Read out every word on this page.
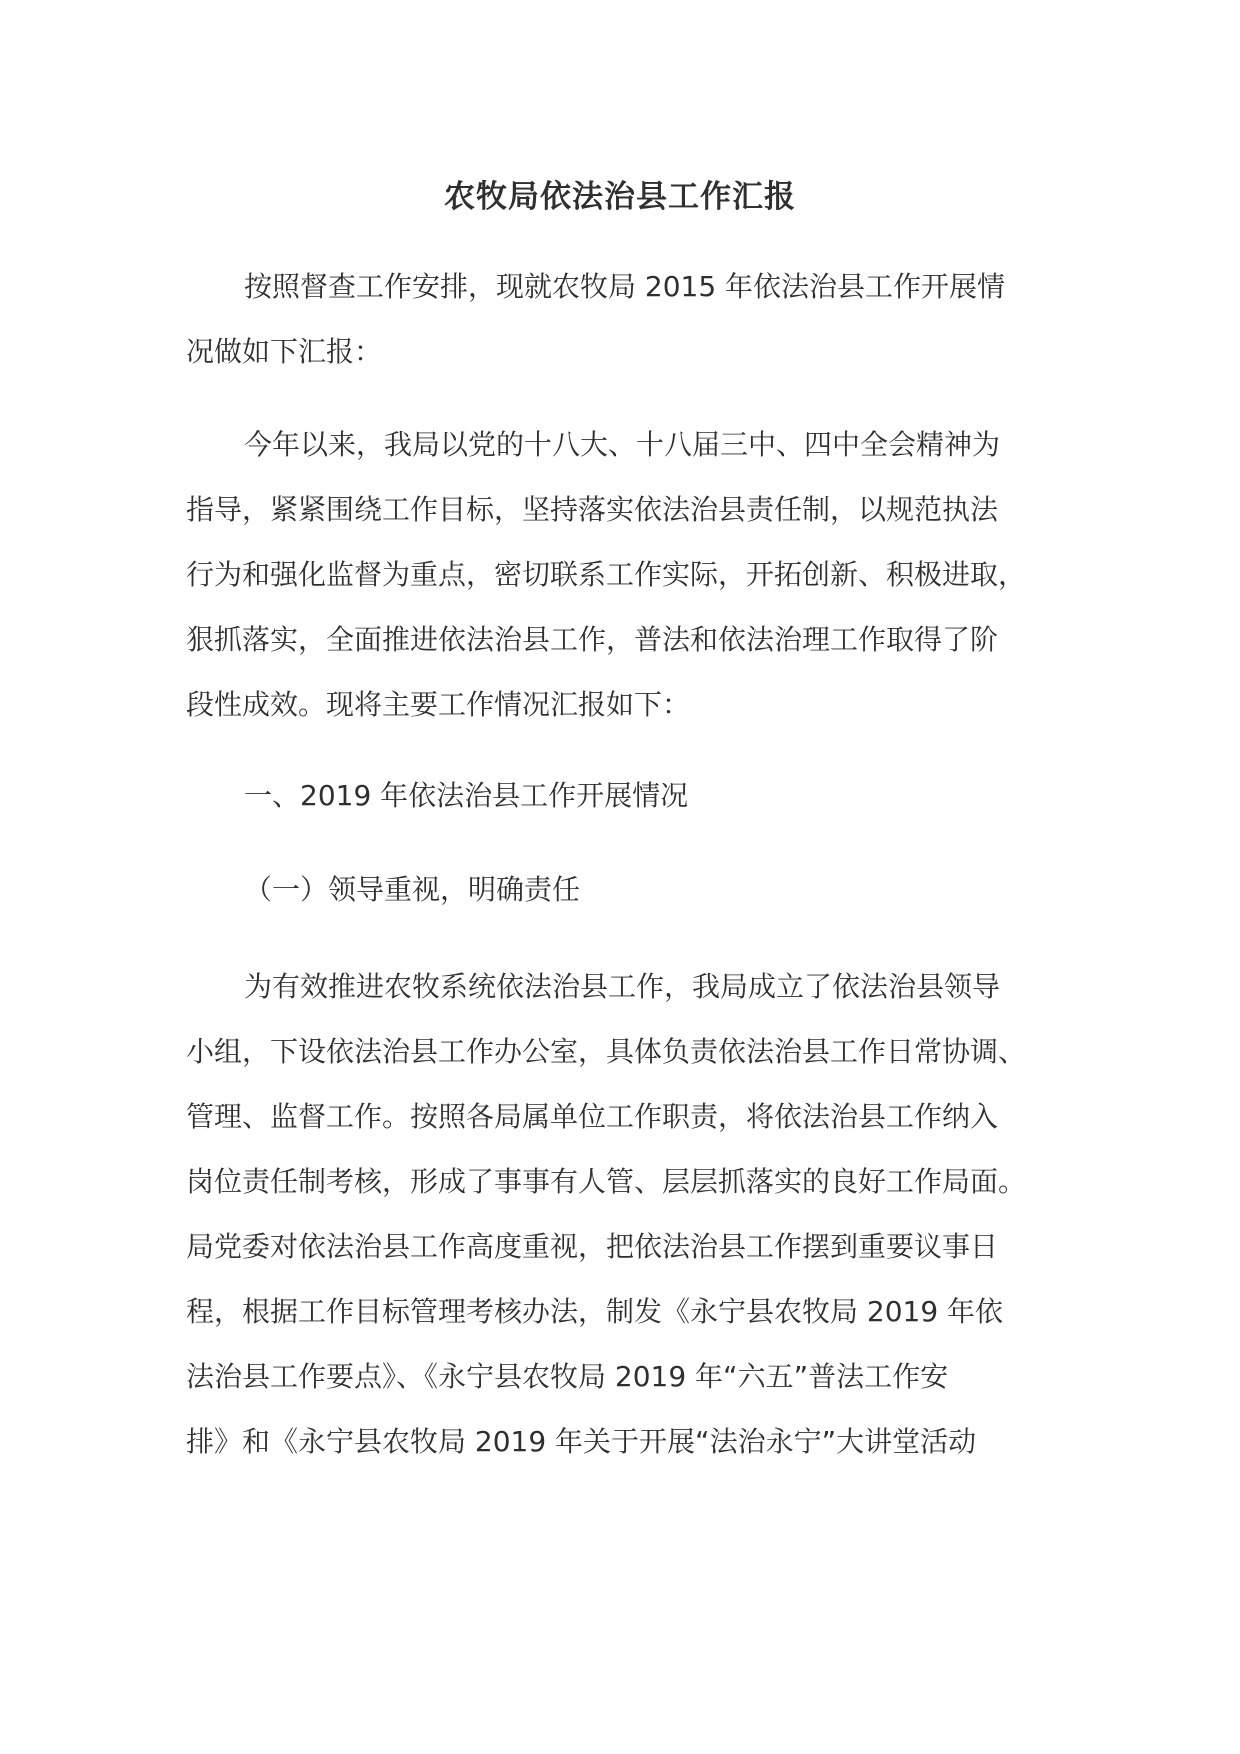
农牧局依法治县工作汇报
按照督查工作安排，现就农牧局 2015 年依法治县工作开展情
况做如下汇报：
今年以来，我局以党的十八大、十八届三中、四中全会精神为
指导，紧紧围绕工作目标，坚持落实依法治县责任制，以规范执法
行为和强化监督为重点，密切联系工作实际，开拓创新、积极进取，
狠抓落实，全面推进依法治县工作，普法和依法治理工作取得了阶
段性成效。现将主要工作情况汇报如下：
一、2019 年依法治县工作开展情况
（一）领导重视，明确责任
为有效推进农牧系统依法治县工作，我局成立了依法治县领导
小组，下设依法治县工作办公室，具体负责依法治县工作日常协调、
管理、监督工作。按照各局属单位工作职责，将依法治县工作纳入
岗位责任制考核，形成了事事有人管、层层抓落实的良好工作局面。
局党委对依法治县工作高度重视，把依法治县工作摆到重要议事日
程，根据工作目标管理考核办法，制发《永宁县农牧局 2019 年依
法治县工作要点》、《永宁县农牧局 2019 年“六五”普法工作安
排》和《永宁县农牧局 2019 年关于开展“法治永宁”大讲堂活动
